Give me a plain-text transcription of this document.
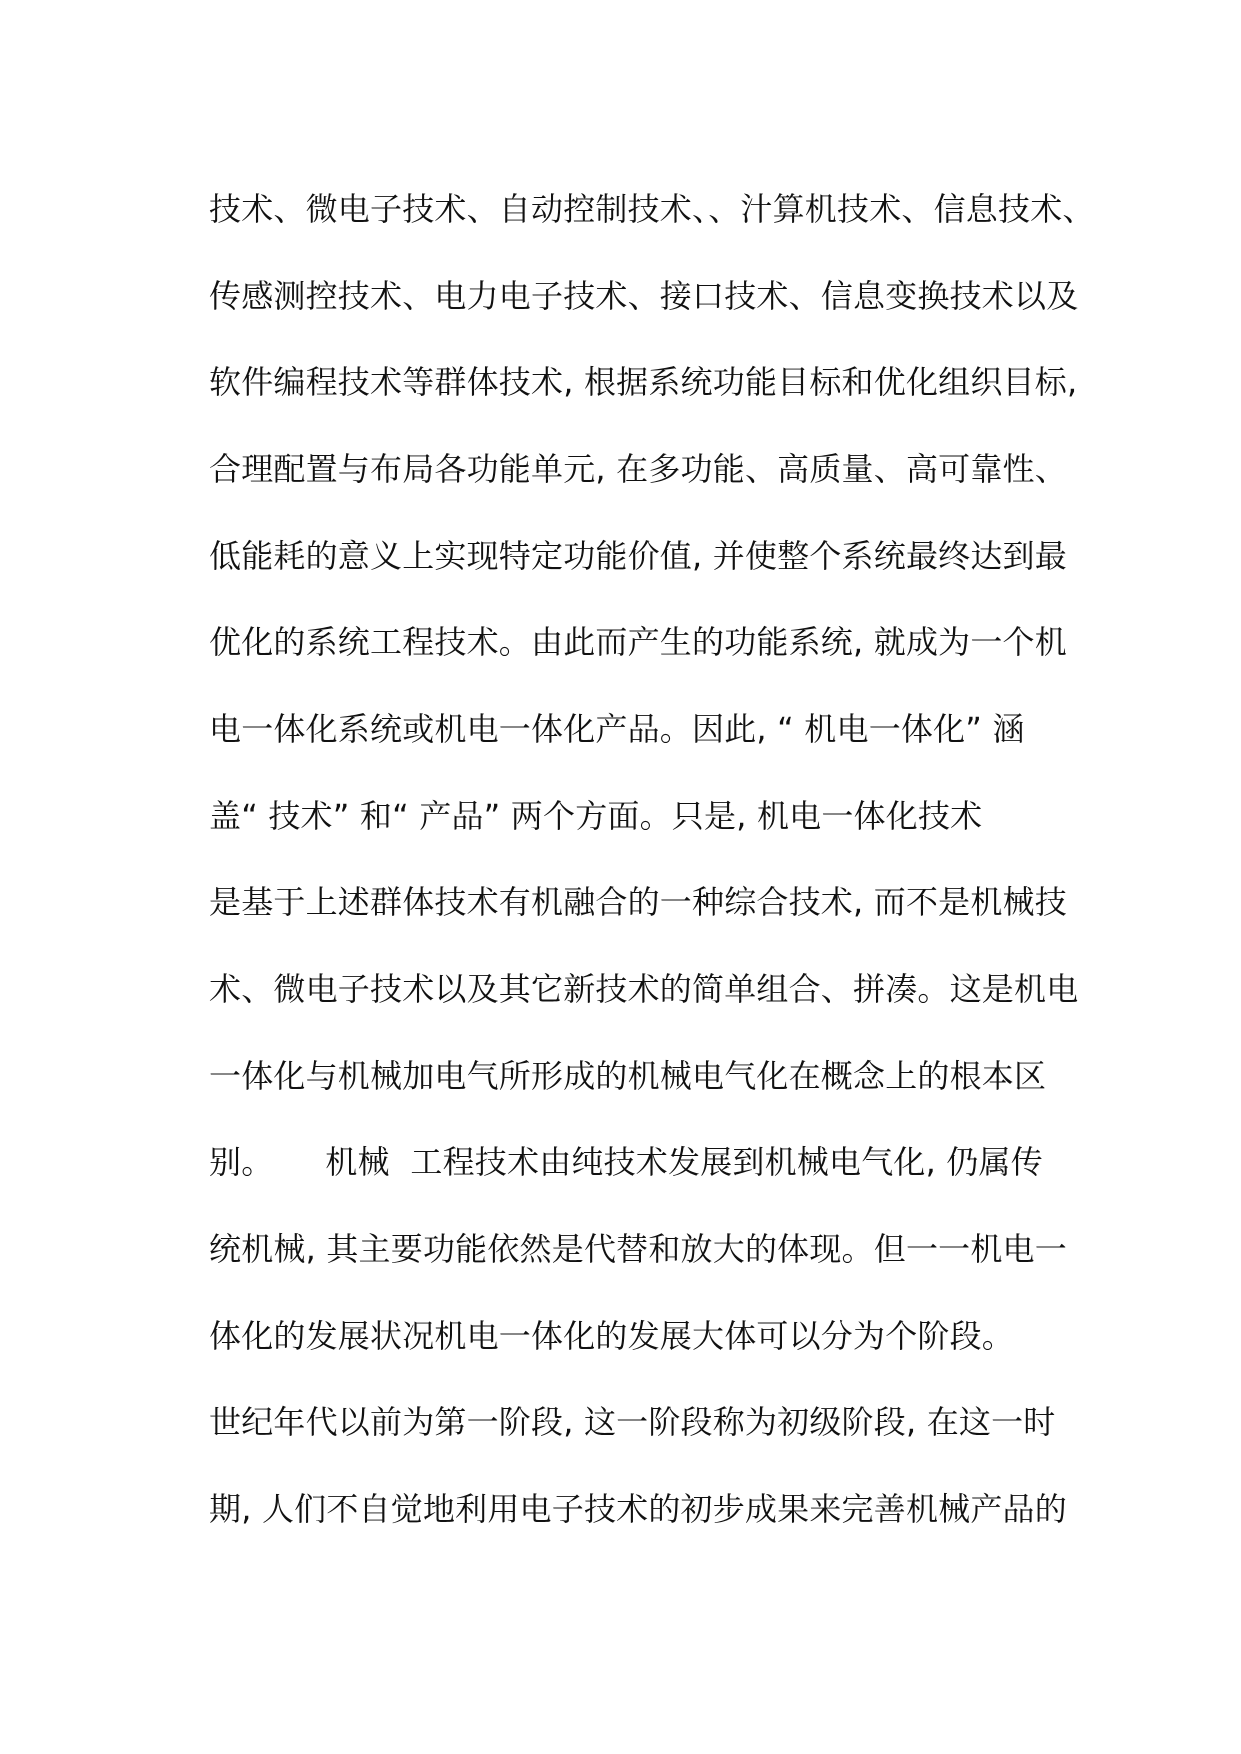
技术、微电子技术、自动控制技术、、汁算机技术、信息技术、
传感测控技术、电力电子技术、接口技术、信息变换技术以及
软件编程技术等群体技术, 根据系统功能目标和优化组织目标,
合理配置与布局各功能单元, 在多功能、高质量、高可靠性、
低能耗的意义上实现特定功能价值, 并使整个系统最终达到最
优化的系统工程技术。由此而产生的功能系统, 就成为一个机
电一体化系统或机电一体化产品。因此, “ 机电一体化” 涵
盖“ 技术” 和“ 产品” 两个方面。只是, 机电一体化技术
是基于上述群体技术有机融合的一种综合技术, 而不是机械技
术、微电子技术以及其它新技术的简单组合、拼凑。这是机电
一体化与机械加电气所形成的机械电气化在概念上的根本区
别。     机械  工程技术由纯技术发展到机械电气化, 仍属传
统机械, 其主要功能依然是代替和放大的体现。但一一机电一
体化的发展状况机电一体化的发展大体可以分为个阶段。
世纪年代以前为第一阶段, 这一阶段称为初级阶段, 在这一时
期, 人们不自觉地利用电子技术的初步成果来完善机械产品的
